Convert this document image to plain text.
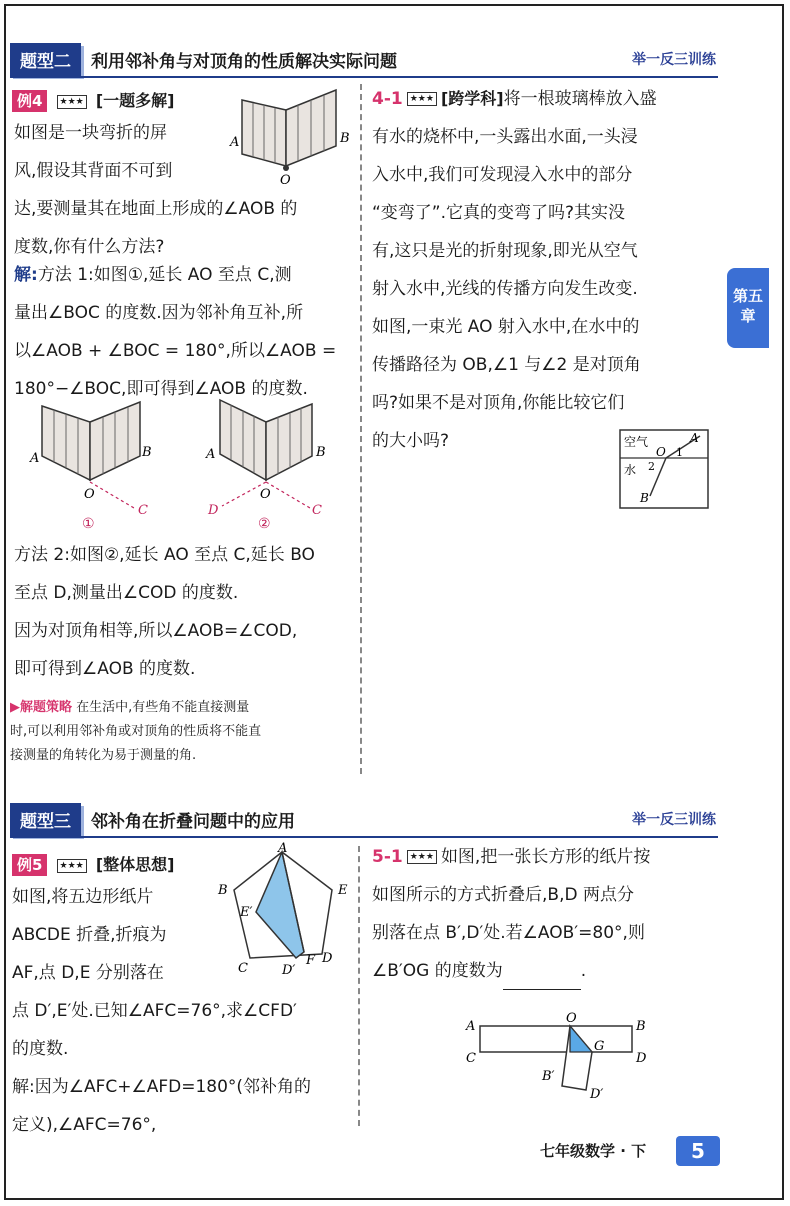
题型二	利用邻补角与对顶角的性质解决实际问题	举一反三训练
例4 ★★★ [一题多解]
如图是一块弯折的屏
风,假设其背面不可到
达,要测量其在地面上形成的∠AOB 的
度数,你有什么方法?
A	B
O
解:方法 1:如图①,延长 AO 至点 C,测
量出∠BOC 的度数.因为邻补角互补,所
以∠AOB + ∠BOC = 180°,所以∠AOB =
180°−∠BOC,即可得到∠AOB 的度数.
A	B
O
C
①
A	B
O
C
D
②
方法 2:如图②,延长 AO 至点 C,延长 BO
至点 D,测量出∠COD 的度数.
因为对顶角相等,所以∠AOB=∠COD,
即可得到∠AOB 的度数.
▶解题策略 在生活中,有些角不能直接测量
时,可以利用邻补角或对顶角的性质将不能直
接测量的角转化为易于测量的角.
4-1 ★★★ [跨学科]将一根玻璃棒放入盛
有水的烧杯中,一头露出水面,一头浸
入水中,我们可发现浸入水中的部分
“变弯了”.它真的变弯了吗?其实没
有,这只是光的折射现象,即光从空气
射入水中,光线的传播方向发生改变.
如图,一束光 AO 射入水中,在水中的
传播路径为 OB,∠1 与∠2 是对顶角
吗?如果不是对顶角,你能比较它们
的大小吗?	空气
水
A
O 1
2
B
第五
章
题型三	邻补角在折叠问题中的应用	举一反三训练
例5 ★★★ [整体思想]
如图,将五边形纸片
ABCDE 折叠,折痕为
AF,点 D,E 分别落在
点 D′,E′处.已知∠AFC=76°,求∠CFD′
的度数.
解:因为∠AFC+∠AFD=180°(邻补角的
定义),∠AFC=76°,
A
B	E
E′
C
D
F
D′
5-1 ★★★ 如图,把一张长方形的纸片按
如图所示的方式折叠后,B,D 两点分
别落在点 B′,D′处.若∠AOB′=80°,则
∠B′OG 的度数为	.
A
C
O
B
D
G
B′
D′
七年级数学 · 下	5
